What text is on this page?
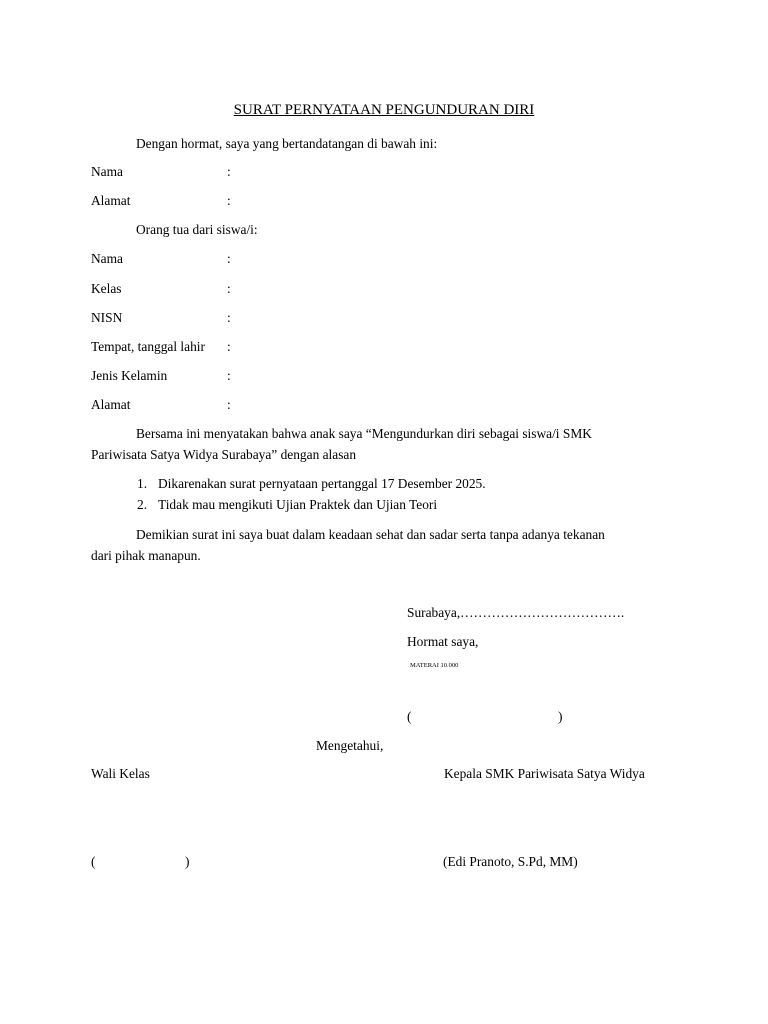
SURAT PERNYATAAN PENGUNDURAN DIRI
Dengan hormat, saya yang bertandatangan di bawah ini:
Nama	:
Alamat	:
Orang tua dari siswa/i:
Nama	:
Kelas	:
NISN	:
Tempat, tanggal lahir :
Jenis Kelamin	:
Alamat	:
Bersama ini menyatakan bahwa anak saya “Mengundurkan diri sebagai siswa/i SMK
Pariwisata Satya Widya Surabaya” dengan alasan
1. Dikarenakan surat pernyataan pertanggal 17 Desember 2025.
2. Tidak mau mengikuti Ujian Praktek dan Ujian Teori
Demikian surat ini saya buat dalam keadaan sehat dan sadar serta tanpa adanya tekanan
dari pihak manapun.
Surabaya,……………………………….
Hormat saya,
MATERAI 10.000
(	)
Mengetahui,
Wali Kelas	Kepala SMK Pariwisata Satya Widya
(	)	(Edi Pranoto, S.Pd, MM)
